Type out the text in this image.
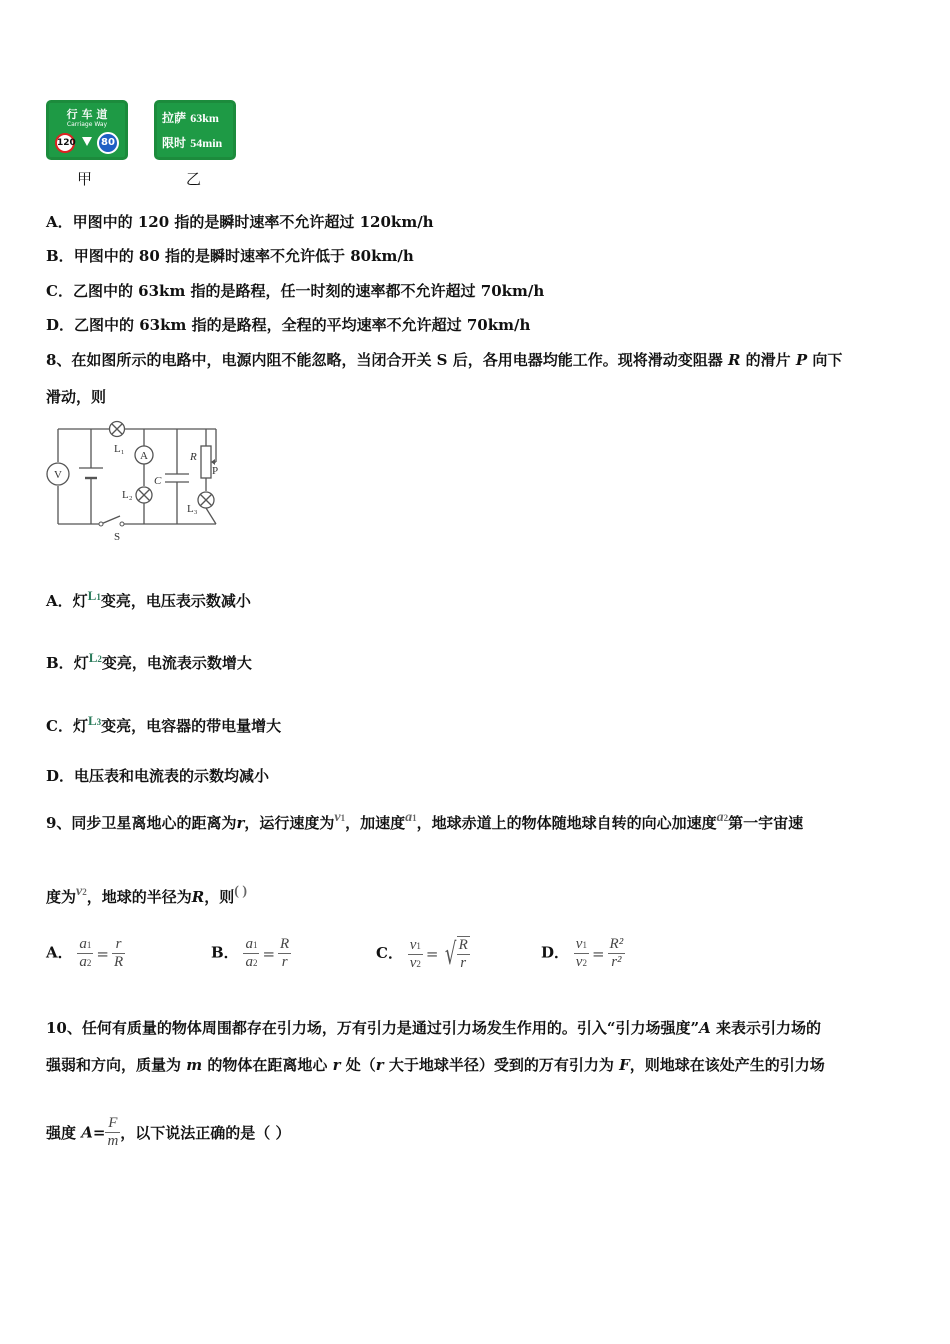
行 车 道
Carriage Way
120	80
甲
拉萨 63km
限时 54min
乙
A．甲图中的 120 指的是瞬时速率不允许超过 120km/h
B．甲图中的 80 指的是瞬时速率不允许低于 80km/h
C．乙图中的 63km 指的是路程，任一时刻的速率都不允许超过 70km/h
D．乙图中的 63km 指的是路程，全程的平均速率不允许超过 70km/h
8、在如图所示的电路中，电源内阻不能忽略，当闭合开关 S 后，各用电器均能工作。现将滑动变阻器 R 的滑片 P 向下
滑动，则
V
A
L₁
L₂
L₃
C
R
P
S
A．灯L1变亮，电压表示数减小
B．灯L2变亮，电流表示数增大
C．灯L3变亮，电容器的带电量增大
D．电压表和电流表的示数均减小
9、同步卫星离地心的距离为r，运行速度为v1，加速度a1，地球赤道上的物体随地球自转的向心加速度a2第一宇宙速
度为v2，地球的半径为R，则( )
A． $\frac{a1}{a2} = \frac{r}{R}$	B． $\frac{a1}{a2} = \frac{R}{r}$	C． $\frac{v1}{v2}$ = √ $\frac{R}{r}$	D． $\frac{v1}{v2} = \frac{\text{R²}}{\text{r²}}$
10、任何有质量的物体周围都存在引力场，万有引力是通过引力场发生作用的。引入“引力场强度”A 来表示引力场的
强弱和方向，质量为 m 的物体在距离地心 r 处（r 大于地球半径）受到的万有引力为 F，则地球在该处产生的引力场
强度 $A= \frac{F}{m}$ ，以下说法正确的是（ ）
